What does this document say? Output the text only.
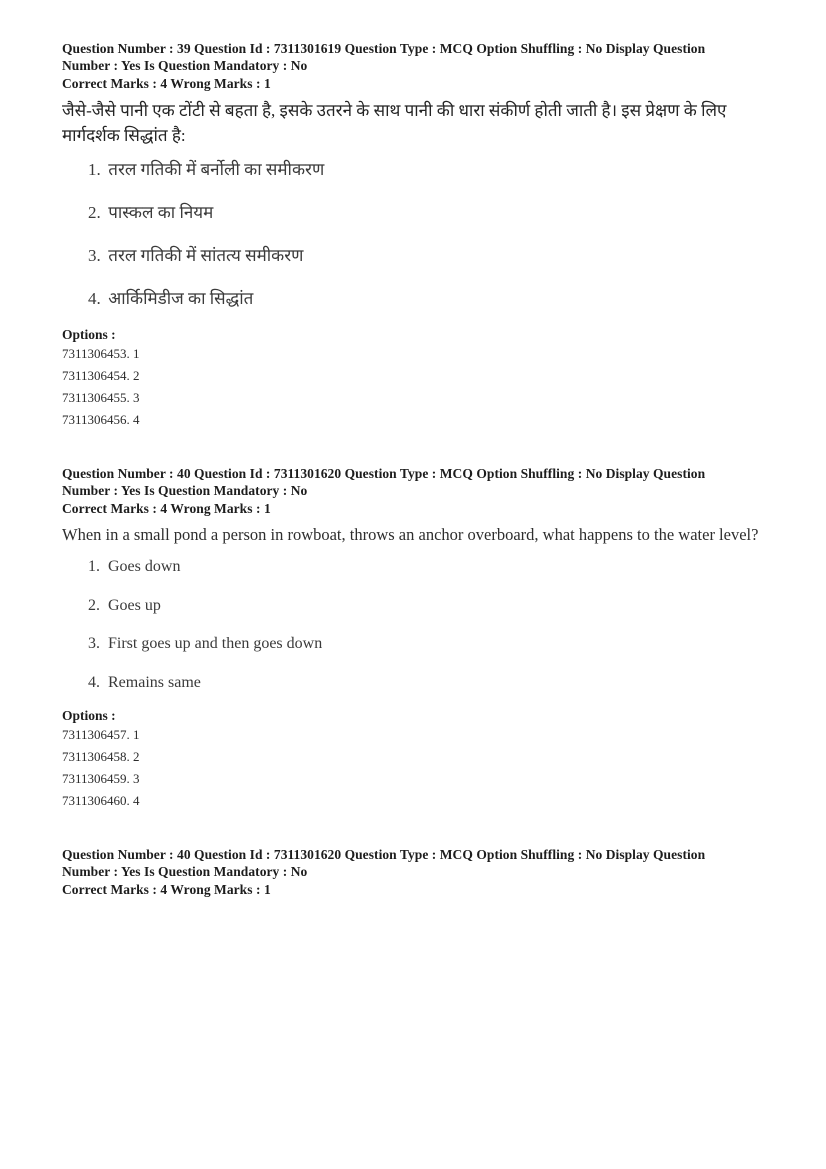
Question Number : 39 Question Id : 7311301619 Question Type : MCQ Option Shuffling : No Display Question
Number : Yes Is Question Mandatory : No
Correct Marks : 4 Wrong Marks : 1
जैसे-जैसे पानी एक टोंटी से बहता है, इसके उतरने के साथ पानी की धारा संकीर्ण होती जाती है। इस प्रेक्षण के लिए मार्गदर्शक सिद्धांत है:
1. तरल गतिकी में बर्नोली का समीकरण
2. पास्कल का नियम
3. तरल गतिकी में सांतत्य समीकरण
4. आर्किमिडीज का सिद्धांत
Options :
7311306453. 1
7311306454. 2
7311306455. 3
7311306456. 4
Question Number : 40 Question Id : 7311301620 Question Type : MCQ Option Shuffling : No Display Question
Number : Yes Is Question Mandatory : No
Correct Marks : 4 Wrong Marks : 1
When in a small pond a person in rowboat, throws an anchor overboard, what happens to the water level?
1. Goes down
2. Goes up
3. First goes up and then goes down
4. Remains same
Options :
7311306457. 1
7311306458. 2
7311306459. 3
7311306460. 4
Question Number : 40 Question Id : 7311301620 Question Type : MCQ Option Shuffling : No Display Question
Number : Yes Is Question Mandatory : No
Correct Marks : 4 Wrong Marks : 1
